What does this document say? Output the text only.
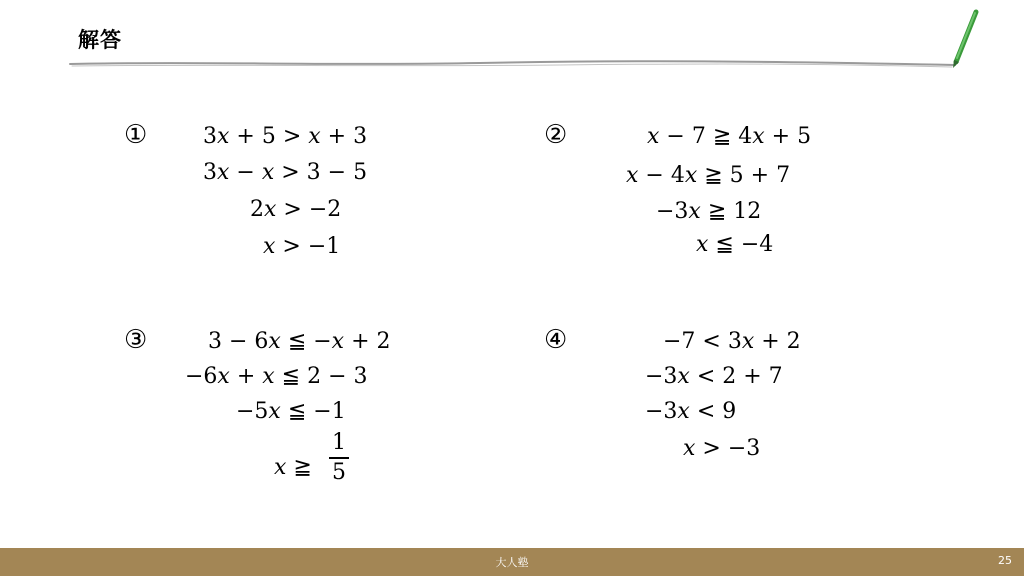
解答
①	3𝑥 + 5 > 𝑥 + 3
3𝑥 − 𝑥 > 3 − 5
2𝑥 > −2
𝑥 > −1
②	𝑥 − 7 ≧ 4𝑥 + 5
𝑥 − 4𝑥 ≧ 5 + 7
−3𝑥 ≧ 12
𝑥 ≦ −4
③	3 − 6𝑥 ≦ −𝑥 + 2
−6𝑥 + 𝑥 ≦ 2 − 3
−5𝑥 ≦ −1
𝑥 ≧
1
5
④	−7 < 3𝑥 + 2
−3𝑥 < 2 + 7
−3𝑥 < 9
𝑥 > −3
大人塾	25
